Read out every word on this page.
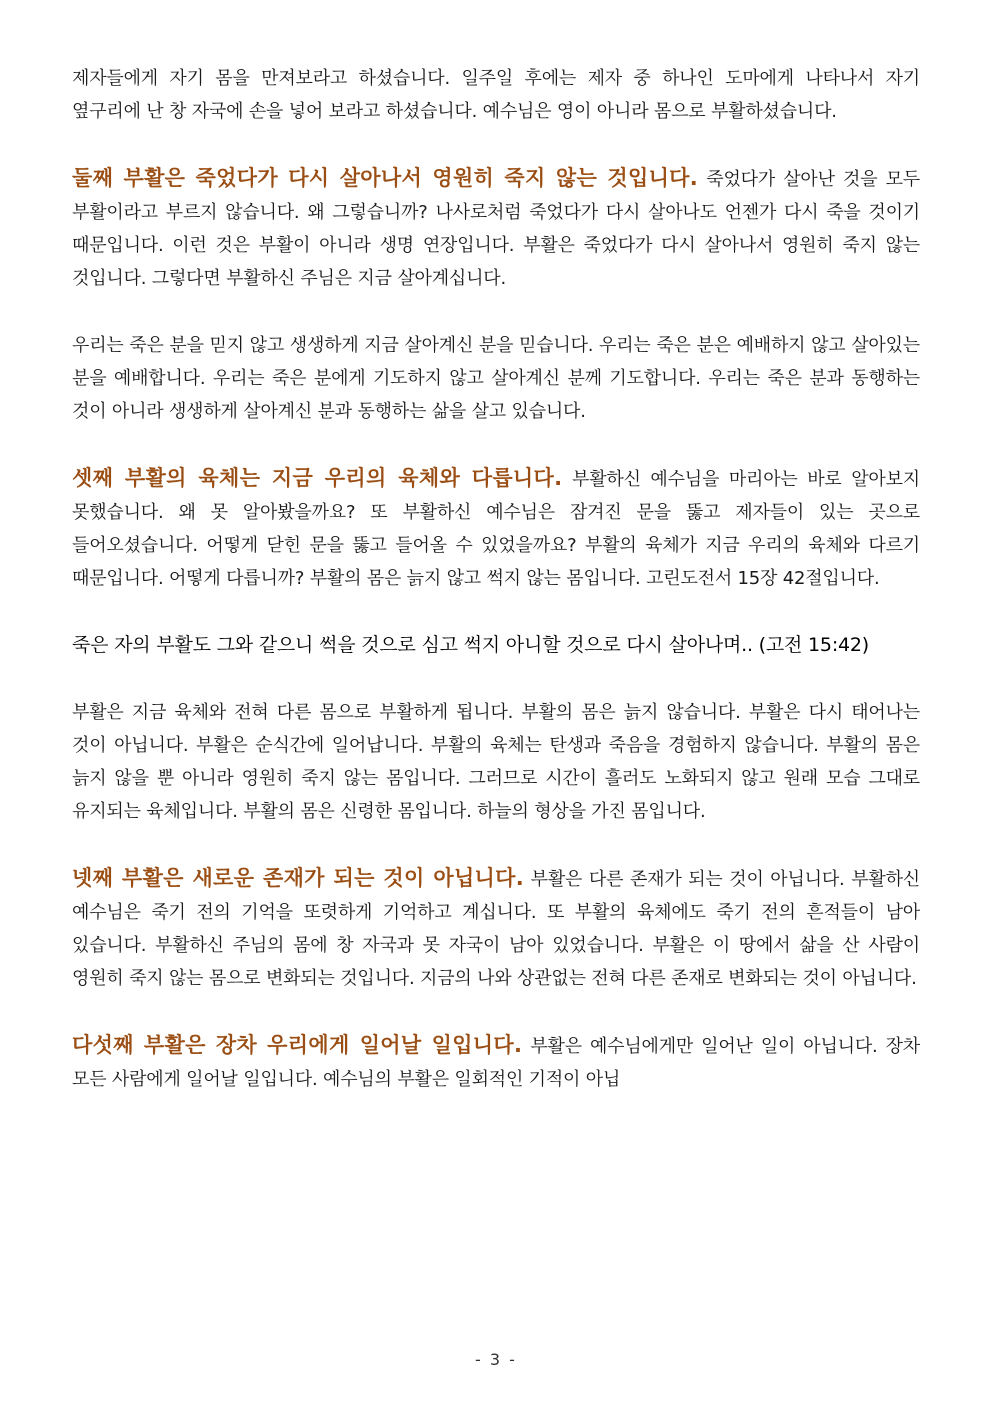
제자들에게 자기 몸을 만져보라고 하셨습니다. 일주일 후에는 제자 중 하나인 도마에게 나타나서 자기 옆구리에 난 창 자국에 손을 넣어 보라고 하셨습니다. 예수님은 영이 아니라 몸으로 부활하셨습니다.

둘째 부활은 죽었다가 다시 살아나서 영원히 죽지 않는 것입니다. 죽었다가 살아난 것을 모두 부활이라고 부르지 않습니다. 왜 그렇습니까? 나사로처럼 죽었다가 다시 살아나도 언젠가 다시 죽을 것이기 때문입니다. 이런 것은 부활이 아니라 생명 연장입니다. 부활은 죽었다가 다시 살아나서 영원히 죽지 않는 것입니다. 그렇다면 부활하신 주님은 지금 살아계십니다.

우리는 죽은 분을 믿지 않고 생생하게 지금 살아계신 분을 믿습니다. 우리는 죽은 분은 예배하지 않고 살아있는 분을 예배합니다. 우리는 죽은 분에게 기도하지 않고 살아계신 분께 기도합니다. 우리는 죽은 분과 동행하는 것이 아니라 생생하게 살아계신 분과 동행하는 삶을 살고 있습니다.

셋째 부활의 육체는 지금 우리의 육체와 다릅니다. 부활하신 예수님을 마리아는 바로 알아보지 못했습니다. 왜 못 알아봤을까요? 또 부활하신 예수님은 잠겨진 문을 뚫고 제자들이 있는 곳으로 들어오셨습니다. 어떻게 닫힌 문을 뚫고 들어올 수 있었을까요? 부활의 육체가 지금 우리의 육체와 다르기 때문입니다. 어떻게 다릅니까? 부활의 몸은 늙지 않고 썩지 않는 몸입니다. 고린도전서 15장 42절입니다.

죽은 자의 부활도 그와 같으니 썩을 것으로 심고 썩지 아니할 것으로 다시 살아나며.. (고전 15:42)

부활은 지금 육체와 전혀 다른 몸으로 부활하게 됩니다. 부활의 몸은 늙지 않습니다. 부활은 다시 태어나는 것이 아닙니다. 부활은 순식간에 일어납니다. 부활의 육체는 탄생과 죽음을 경험하지 않습니다. 부활의 몸은 늙지 않을 뿐 아니라 영원히 죽지 않는 몸입니다. 그러므로 시간이 흘러도 노화되지 않고 원래 모습 그대로 유지되는 육체입니다. 부활의 몸은 신령한 몸입니다. 하늘의 형상을 가진 몸입니다.

넷째 부활은 새로운 존재가 되는 것이 아닙니다. 부활은 다른 존재가 되는 것이 아닙니다. 부활하신 예수님은 죽기 전의 기억을 또렷하게 기억하고 계십니다. 또 부활의 육체에도 죽기 전의 흔적들이 남아 있습니다. 부활하신 주님의 몸에 창 자국과 못 자국이 남아 있었습니다. 부활은 이 땅에서 삶을 산 사람이 영원히 죽지 않는 몸으로 변화되는 것입니다. 지금의 나와 상관없는 전혀 다른 존재로 변화되는 것이 아닙니다.

다섯째 부활은 장차 우리에게 일어날 일입니다. 부활은 예수님에게만 일어난 일이 아닙니다. 장차 모든 사람에게 일어날 일입니다. 예수님의 부활은 일회적인 기적이 아닙

- 3 -
